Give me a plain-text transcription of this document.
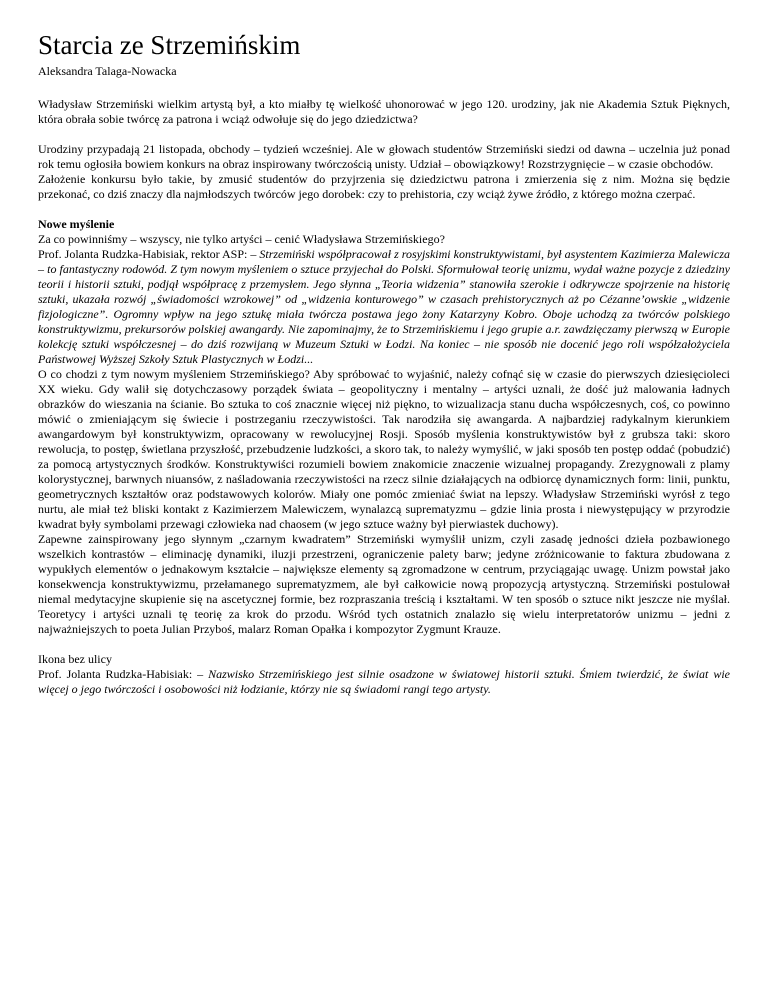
Starcia ze Strzemińskim

Aleksandra Talaga-Nowacka

Władysław Strzemiński wielkim artystą był, a kto miałby tę wielkość uhonorować w jego 120. urodziny, jak nie Akademia Sztuk Pięknych, która obrała sobie twórcę za patrona i wciąż odwołuje się do jego dziedzictwa?

Urodziny przypadają 21 listopada, obchody – tydzień wcześniej. Ale w głowach studentów Strzemiński siedzi od dawna – uczelnia już ponad rok temu ogłosiła bowiem konkurs na obraz inspirowany twórczością unisty. Udział – obowiązkowy! Rozstrzygnięcie – w czasie obchodów.

Założenie konkursu było takie, by zmusić studentów do przyjrzenia się dziedzictwu patrona i zmierzenia się z nim. Można się będzie przekonać, co dziś znaczy dla najmłodszych twórców jego dorobek: czy to prehistoria, czy wciąż żywe źródło, z którego można czerpać.

Nowe myślenie

Za co powinniśmy – wszyscy, nie tylko artyści – cenić Władysława Strzemińskiego?

Prof. Jolanta Rudzka-Habisiak, rektor ASP: – Strzemiński współpracował z rosyjskimi konstruktywistami, był asystentem Kazimierza Malewicza – to fantastyczny rodowód. Z tym nowym myśleniem o sztuce przyjechał do Polski. Sformułował teorię unizmu, wydał ważne pozycje z dziedziny teorii i historii sztuki, podjął współpracę z przemysłem. Jego słynna „Teoria widzenia” stanowiła szerokie i odkrywcze spojrzenie na historię sztuki, ukazała rozwój „świadomości wzrokowej” od „widzenia konturowego” w czasach prehistorycznych aż po Cézanne’owskie „widzenie fizjologiczne”. Ogromny wpływ na jego sztukę miała twórcza postawa jego żony Katarzyny Kobro. Oboje uchodzą za twórców polskiego konstruktywizmu, prekursorów polskiej awangardy. Nie zapominajmy, że to Strzemińskiemu i jego grupie a.r. zawdzięczamy pierwszą w Europie kolekcję sztuki współczesnej – do dziś rozwijaną w Muzeum Sztuki w Łodzi. Na koniec – nie sposób nie docenić jego roli współzałożyciela Państwowej Wyższej Szkoły Sztuk Plastycznych w Łodzi...

O co chodzi z tym nowym myśleniem Strzemińskiego? Aby spróbować to wyjaśnić, należy cofnąć się w czasie do pierwszych dziesięcioleci XX wieku. Gdy walił się dotychczasowy porządek świata – geopolityczny i mentalny – artyści uznali, że dość już malowania ładnych obrazków do wieszania na ścianie. Bo sztuka to coś znacznie więcej niż piękno, to wizualizacja stanu ducha współczesnych, coś, co powinno mówić o zmieniającym się świecie i postrzeganiu rzeczywistości. Tak narodziła się awangarda. A najbardziej radykalnym kierunkiem awangardowym był konstruktywizm, opracowany w rewolucyjnej Rosji. Sposób myślenia konstruktywistów był z grubsza taki: skoro rewolucja, to postęp, świetlana przyszłość, przebudzenie ludzkości, a skoro tak, to należy wymyślić, w jaki sposób ten postęp oddać (pobudzić) za pomocą artystycznych środków. Konstruktywiści rozumieli bowiem znakomicie znaczenie wizualnej propagandy. Zrezygnowali z plamy kolorystycznej, barwnych niuansów, z naśladowania rzeczywistości na rzecz silnie działających na odbiorcę dynamicznych form: linii, punktu, geometrycznych kształtów oraz podstawowych kolorów. Miały one pomóc zmieniać świat na lepszy. Władysław Strzemiński wyrósł z tego nurtu, ale miał też bliski kontakt z Kazimierzem Malewiczem, wynalazcą suprematyzmu – gdzie linia prosta i niewystępujący w przyrodzie kwadrat były symbolami przewagi człowieka nad chaosem (w jego sztuce ważny był pierwiastek duchowy).

Zapewne zainspirowany jego słynnym „czarnym kwadratem” Strzemiński wymyślił unizm, czyli zasadę jedności dzieła pozbawionego wszelkich kontrastów – eliminację dynamiki, iluzji przestrzeni, ograniczenie palety barw; jedyne zróżnicowanie to faktura zbudowana z wypukłych elementów o jednakowym kształcie – największe elementy są zgromadzone w centrum, przyciągając uwagę. Unizm powstał jako konsekwencja konstruktywizmu, przełamanego suprematyzmem, ale był całkowicie nową propozycją artystyczną. Strzemiński postulował niemal medytacyjne skupienie się na ascetycznej formie, bez rozpraszania treścią i kształtami. W ten sposób o sztuce nikt jeszcze nie myślał. Teoretycy i artyści uznali tę teorię za krok do przodu. Wśród tych ostatnich znalazło się wielu interpretatorów unizmu – jedni z najważniejszych to poeta Julian Przyboś, malarz Roman Opałka i kompozytor Zygmunt Krauze.

Ikona bez ulicy

Prof. Jolanta Rudzka-Habisiak: – Nazwisko Strzemińskiego jest silnie osadzone w światowej historii sztuki. Śmiem twierdzić, że świat wie więcej o jego twórczości i osobowości niż łodzianie, którzy nie są świadomi rangi tego artysty.
